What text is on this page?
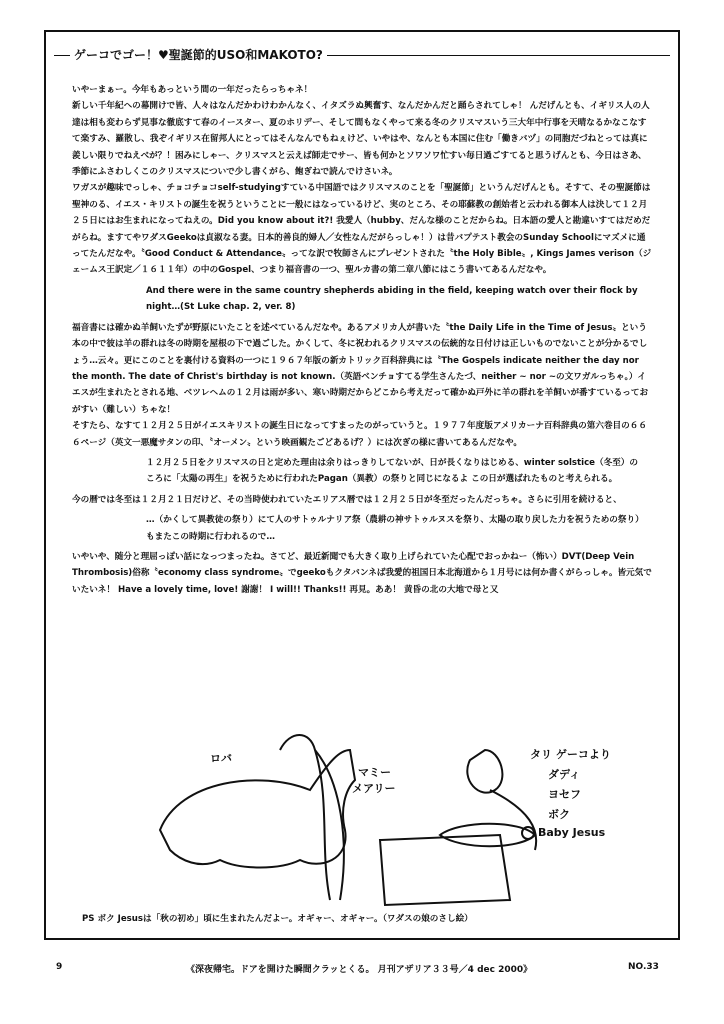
ゲーコでゴー！♥聖誕節的USO和MAKOTO?

いやーまぁー。今年もあっという間の一年だったらっちゃネ！

新しい千年紀への幕開けで皆、人々はなんだかわけわかんなく、イタズラぬ興奮す、なんだかんだと踊らされてしゃ！ んだげんとも、イギリス人の人達は相も変わらず見事な徹底すて春のイースター、夏のホリデー、そして間もなくやって来る冬のクリスマスいう三大年中行事を天晴なるかなこなすて楽すみ、羅散し、我ぞイギリス在留邦人にとってはそんなんでもねぇけど、いやはや、なんとも本国に住む「働きバヅ」の同胞だづねとっては真に羨しい限りでねえべが？！困みにしゃー、クリスマスと云えば師走でサー、皆も何かとソワソワ忙すい毎日過ごすてると思うげんとも、今日はさあ、季節にふさわしくこのクリスマスについで少し書くがら、飽ぎねで読んでけさいネ。

ワガスが趣味でっしゃ、チョコチョコself-studyingすている中国語ではクリスマスのことを「聖誕節」というんだげんとも。そすて、その聖誕節は聖神のる、イエス・キリストの誕生を祝うということに一般にはなっているけど、実のところ、その耶蘇教の創始者と云われる御本人は決して１２月２５日にはお生まれになってねえの。Did you know about it?! 我愛人（hubby、だんな様のことだからね。日本語の愛人と勘違いすてはだめだがらね。ますてやワダスGeekoは貞淑なる妻。日本的善良的婦人／女性なんだがらっしゃ！）は昔バプテスト教会のSunday Schoolにマズメに通ってたんだなや。〝Good Conduct & Attendance〟ってな訳で牧師さんにプレゼントされた〝the Holy Bible〟, Kings James verison（ジェームス王訳定／１６１１年）の中のGospel、つまり福音書の一つ、聖ルカ書の第二章八節にはこう書いてあるんだなや。

And there were in the same country shepherds abiding in the field, keeping watch over their flock by night…(St Luke chap. 2, ver. 8)

福音書には確かぬ羊飼いたずが野原にいたことを述べているんだなや。あるアメリカ人が書いた〝the Daily Life in the Time of Jesus〟という本の中で彼は羊の群れは冬の時期を屋根の下で過ごした。かくして、冬に祝われるクリスマスの伝統的な日付けは正しいものでないことが分かるでしょう…云々。更にこのことを裏付ける資料の一つに１９６７年版の新カトリック百科辞典には〝The Gospels indicate neither the day nor the month. The date of Christ's birthday is not known.（英語ベンチョすてる学生さんたづ、neither ~ nor ~の文ワガルっちゃ。）イエスが生まれたとされる地、ベツレヘムの１２月は雨が多い、寒い時期だからどこから考えだって確かぬ戸外に羊の群れを羊飼いが番すているっておがすい（難しい）ちゃな！

そすたら、なすて１２月２５日がイエスキリストの誕生日になってすまったのがっていうと。１９７７年度版アメリカーナ百科辞典の第六巻目の６６６ページ（英文一悪魔サタンの印、〝オーメン〟という映画観たごどあるげ？）には次ぎの様に書いてあるんだなや。

１２月２５日をクリスマスの日と定めた理由は余りはっきりしてないが、日が長くなりはじめる、winter solstice（冬至）のころに「太陽の再生」を祝うために行われたPagan（異教）の祭りと同じになるよ この日が選ばれたものと考えられる。

今の暦では冬至は１２月２１日だけど、その当時使われていたエリアス暦では１２月２５日が冬至だったんだっちゃ。さらに引用を続けると、

…（かくして異教徒の祭り）にて人のサトゥルナリア祭（農耕の神サトゥルヌスを祭り、太陽の取り戻した力を祝うための祭り）もまたこの時期に行われるので…

いやいや、随分と理屈っぽい話になっつまったね。さてど、最近新聞でも大きく取り上げられていた心配でおっかねー（怖い）DVT(Deep Vein Thrombosis)俗称〝economy class syndrome〟でgeekoもクタバンネば我愛的祖国日本北海道から１月号には何か書くがらっしゃ。皆元気でいたいネ！ Have a lovely time, love! 謝謝！ I will!! Thanks!! 再見。ああ！ 黄昏の北の大地で母と又

ロバ
マミー
メアリー
タリ ゲーコより
ダディ
ヨセフ
ボク
Baby Jesus
PS ボク Jesusは「秋の初め」頃に生まれたんだよー。オギャー、オギャー。（ワダスの娘のさし絵）
9	《深夜帰宅。ドアを開けた瞬間クラッとくる。 月刊アザリア３３号／4 dec 2000》	NO.33
